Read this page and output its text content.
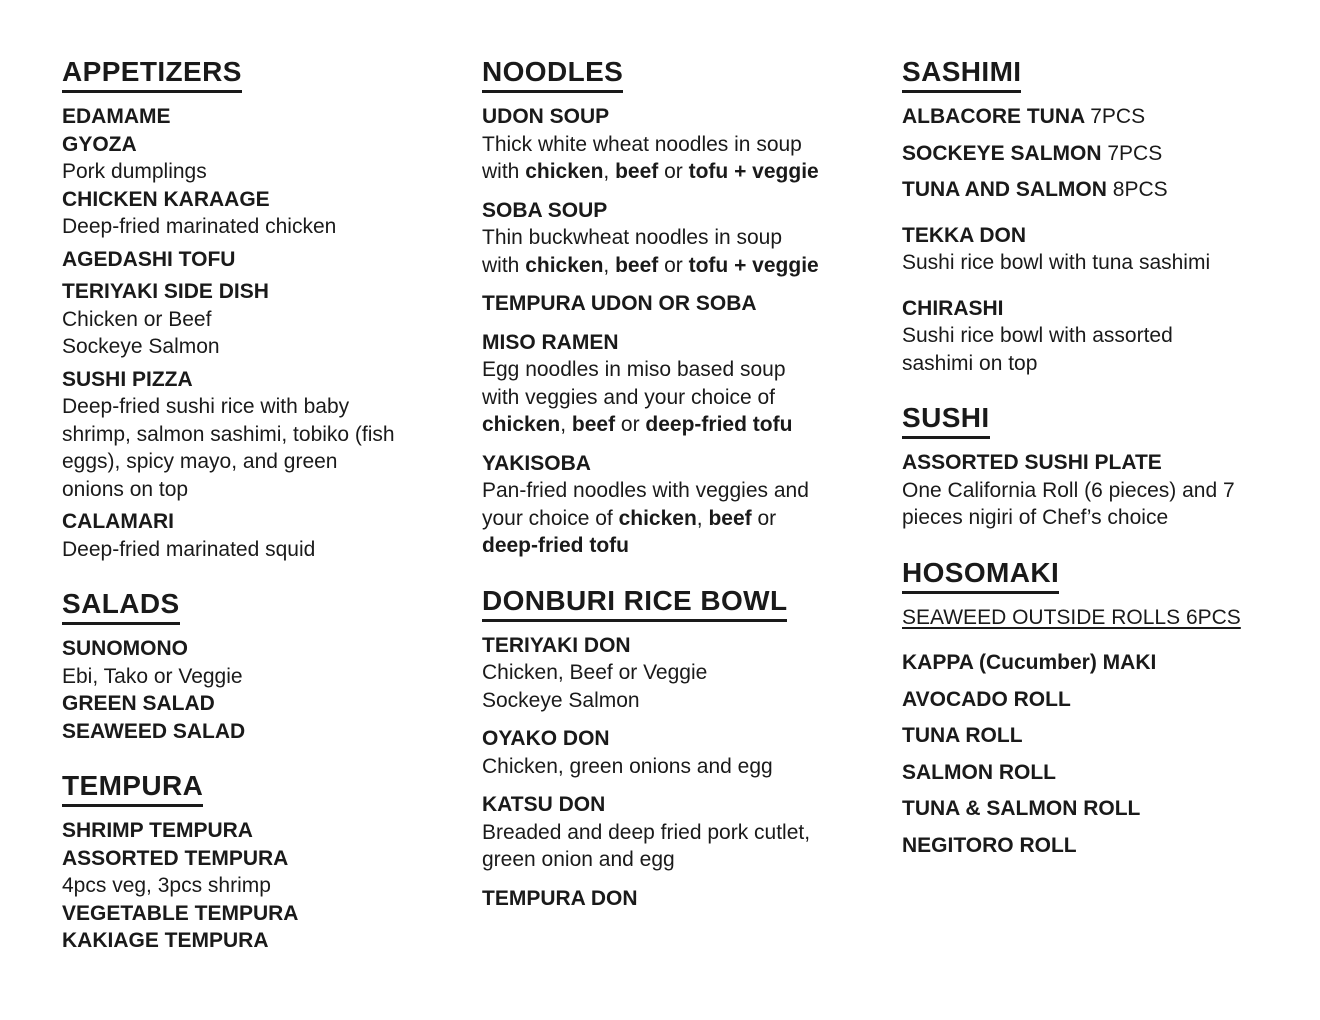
APPETIZERS
EDAMAME
GYOZA
Pork dumplings
CHICKEN KARAAGE
Deep-fried marinated chicken
AGEDASHI TOFU
TERIYAKI SIDE DISH
Chicken or Beef
Sockeye Salmon
SUSHI PIZZA
Deep-fried sushi rice with baby
shrimp, salmon sashimi, tobiko (fish
eggs), spicy mayo, and green
onions on top
CALAMARI
Deep-fried marinated squid
SALADS
SUNOMONO
Ebi, Tako or Veggie
GREEN SALAD
SEAWEED SALAD
TEMPURA
SHRIMP TEMPURA
ASSORTED TEMPURA
4pcs veg, 3pcs shrimp
VEGETABLE TEMPURA
KAKIAGE TEMPURA
NOODLES
UDON SOUP
Thick white wheat noodles in soup
with chicken, beef or tofu + veggie
SOBA SOUP
Thin buckwheat noodles in soup
with chicken, beef or tofu + veggie
TEMPURA UDON OR SOBA
MISO RAMEN
Egg noodles in miso based soup
with veggies and your choice of
chicken, beef or deep-fried tofu
YAKISOBA
Pan-fried noodles with veggies and
your choice of chicken, beef or
deep-fried tofu
DONBURI RICE BOWL
TERIYAKI DON
Chicken, Beef or Veggie
Sockeye Salmon
OYAKO DON
Chicken, green onions and egg
KATSU DON
Breaded and deep fried pork cutlet,
green onion and egg
TEMPURA DON
SASHIMI
ALBACORE TUNA 7PCS
SOCKEYE SALMON 7PCS
TUNA AND SALMON 8PCS
TEKKA DON
Sushi rice bowl with tuna sashimi
CHIRASHI
Sushi rice bowl with assorted
sashimi on top
SUSHI
ASSORTED SUSHI PLATE
One California Roll (6 pieces) and 7
pieces nigiri of Chef’s choice
HOSOMAKI
SEAWEED OUTSIDE ROLLS 6PCS
KAPPA (Cucumber) MAKI
AVOCADO ROLL
TUNA ROLL
SALMON ROLL
TUNA & SALMON ROLL
NEGITORO ROLL
